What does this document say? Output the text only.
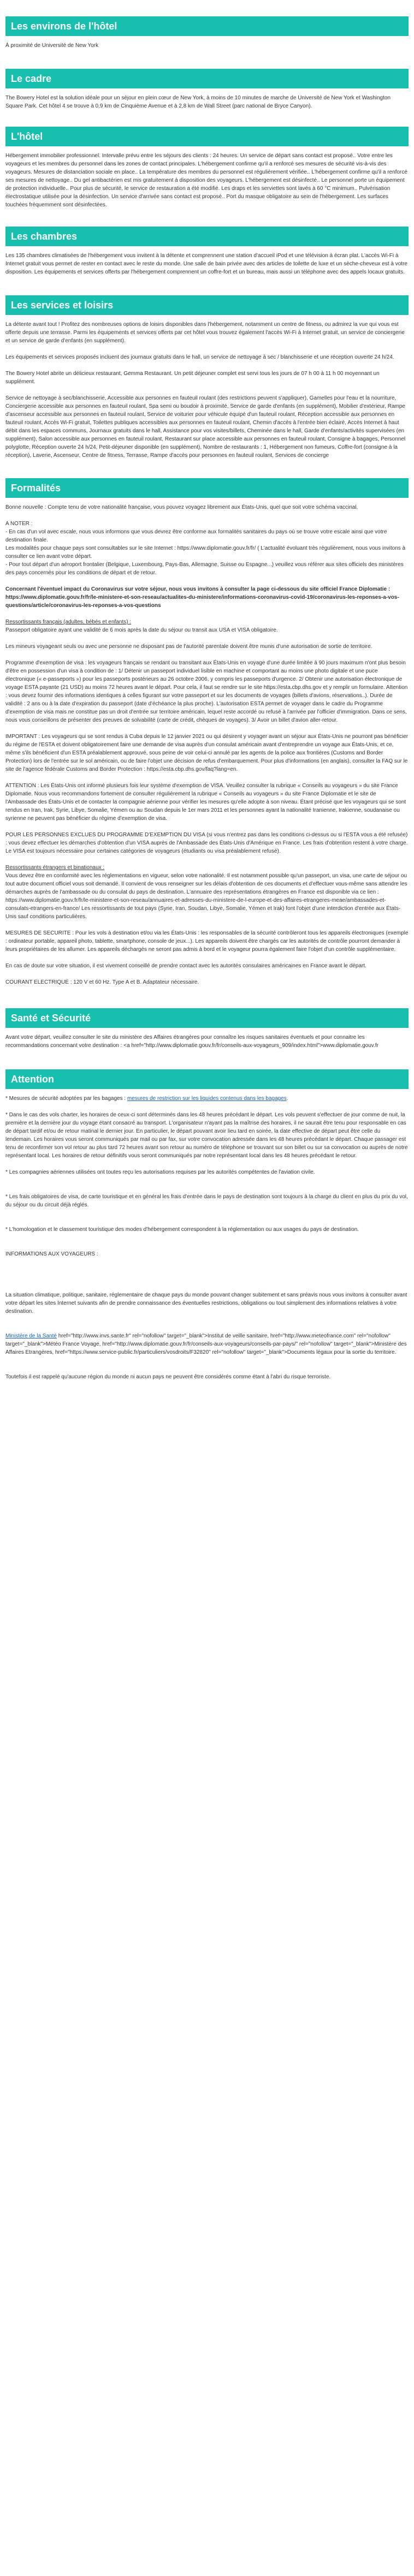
Les environs de l'hôtel

À proximité de Université de New York

Le cadre

The Bowery Hotel est la solution idéale pour un séjour en plein cœur de New York, à moins de 10 minutes de marche de Université de New York et Washington Square Park. Cet hôtel 4 se trouve à 0,9 km de Cinquième Avenue et à 2,8 km de Wall Street (parc national de Bryce Canyon).

L'hôtel

Hébergement immobilier professionnel. Intervalle prévu entre les séjours des clients : 24 heures. Un service de départ sans contact est proposé.. Votre entre les voyageurs et les membres du personnel dans les zones de contact principales. L'hébergement confirme qu'il a renforcé ses mesures de sécurité vis-à-vis des voyageurs. Mesures de distanciation sociale en place.. La température des membres du personnel est régulièrement vérifiée.. L'hébergement confirme qu'il a renforcé ses mesures de nettoyage.. Du gel antibactérien est mis gratuitement à disposition des voyageurs. L'hébergement est désinfecté.. Le personnel porte un équipement de protection individuelle.. Pour plus de sécurité, le service de restauration a été modifié. Les draps et les serviettes sont lavés à 60 °C minimum.. Pulvérisation électrostatique utilisée pour la désinfection. Un service d'arrivée sans contact est proposé.. Port du masque obligatoire au sein de l'hébergement. Les surfaces touchées fréquemment sont désinfectées.

Les chambres

Les 135 chambres climatisées de l'hébergement vous invitent à la détente et comprennent une station d'accueil iPod et une télévision à écran plat. L'accès Wi-Fi à Internet gratuit vous permet de rester en contact avec le reste du monde. Une salle de bain privée avec des articles de toilette de luxe et un sèche-cheveux est à votre disposition. Les équipements et services offerts par l'hébergement comprennent un coffre-fort et un bureau, mais aussi un téléphone avec des appels locaux gratuits.

Les services et loisirs

La détente avant tout ! Profitez des nombreuses options de loisirs disponibles dans l'hébergement, notamment un centre de fitness, ou admirez la vue qui vous est offerte depuis une terrasse. Parmi les équipements et services offerts par cet hôtel vous trouvez également l'accès Wi-Fi à Internet gratuit, un service de conciergerie et un service de garde d'enfants (en supplément).

Les équipements et services proposés incluent des journaux gratuits dans le hall, un service de nettoyage à sec / blanchisserie et une réception ouverte 24 h/24.

The Bowery Hotel abrite un délicieux restaurant, Gemma Restaurant. Un petit déjeuner complet est servi tous les jours de 07 h 00 à 11 h 00 moyennant un supplément.

Service de nettoyage à sec/blanchisserie, Accessible aux personnes en fauteuil roulant (des restrictions peuvent s'appliquer), Gamelles pour l'eau et la nourriture, Conciergerie accessible aux personnes en fauteuil roulant, Spa semi ou boudoir à proximité, Service de garde d'enfants (en supplément), Mobilier d'extérieur, Rampe d'ascenseur accessible aux personnes en fauteuil roulant, Service de voiturier pour véhicule équipé d'un fauteuil roulant, Réception accessible aux personnes en fauteuil roulant, Accès Wi-Fi gratuit, Toilettes publiques accessibles aux personnes en fauteuil roulant, Chemin d'accès à l'entrée bien éclairé, Accès Internet à haut débit dans les espaces communs, Journaux gratuits dans le hall, Assistance pour vos visites/billets, Cheminée dans le hall, Garde d'enfants/activités supervisées (en supplément), Salon accessible aux personnes en fauteuil roulant, Restaurant sur place accessible aux personnes en fauteuil roulant, Consigne à bagages, Personnel polyglotte, Réception ouverte 24 h/24, Petit-déjeuner disponible (en supplément), Nombre de restaurants : 1, Hébergement non fumeurs, Coffre-fort (consigne à la réception), Laverie, Ascenseur, Centre de fitness, Terrasse, Rampe d'accès pour personnes en fauteuil roulant, Services de concierge

Formalités

Bonne nouvelle : Compte tenu de votre nationalité française, vous pouvez voyagez librement aux États-Unis, quel que soit votre schéma vaccinal.

A NOTER :

- En cas d'un vol avec escale, nous vous informons que vous devrez être conforme aux formalités sanitaires du pays où se trouve votre escale ainsi que votre destination finale.

Les modalités pour chaque pays sont consultables sur le site Internet : https://www.diplomatie.gouv.fr/fr/ ( L'actualité évoluant très régulièrement, nous vous invitons à consulter ce lien avant votre départ.

- Pour tout départ d'un aéroport frontalier (Belgique, Luxembourg, Pays-Bas, Allemagne, Suisse ou Espagne...) veuillez vous référer aux sites officiels des ministères des pays concernés pour les conditions de départ et de retour.

Concernant l'éventuel impact du Coronavirus sur votre séjour, nous vous invitons à consulter la page ci-dessous du site officiel France Diplomatie : https://www.diplomatie.gouv.fr/fr/le-ministere-et-son-reseau/actualites-du-ministere/informations-coronavirus-covid-19/coronavirus-les-reponses-a-vos-questions/article/coronavirus-les-reponses-a-vos-questions

Ressortissants français (adultes, bébés et enfants) :

Passeport obligatoire ayant une validité de 6 mois après la date du séjour ou transit aux USA et VISA obligatoire.

Les mineurs voyageant seuls ou avec une personne ne disposant pas de l'autorité parentale doivent être munis d'une autorisation de sortie de territoire.

Programme d'exemption de visa : les voyageurs français se rendant ou transitant aux États-Unis en voyage d'une durée limitée à 90 jours maximum n'ont plus besoin d'être en possession d'un visa à condition de : 1/ Détenir un passeport individuel lisible en machine et comportant au moins une photo digitale et une puce électronique (« e-passeports ») pour les passeports postérieurs au 26 octobre 2006, y compris les passeports d'urgence. 2/ Obtenir une autorisation électronique de voyage ESTA payante (21 USD) au moins 72 heures avant le départ. Pour cela, il faut se rendre sur le site https://esta.cbp.dhs.gov et y remplir un formulaire. Attention : vous devez fournir des informations identiques à celles figurant sur votre passeport et sur les documents de voyages (billets d'avions, réservations..). Durée de validité : 2 ans ou à la date d'expiration du passeport (date d'échéance la plus proche). L'autorisation ESTA permet de voyager dans le cadre du Programme d'exemption de visa mais ne constitue pas un droit d'entrée sur territoire américain, lequel reste accordé ou refusé à l'arrivée par l'officier d'immigration. Dans ce sens, nous vous conseillons de présenter des preuves de solvabilité (carte de crédit, chèques de voyages). 3/ Avoir un billet d'avion aller-retour.

IMPORTANT : Les voyageurs qui se sont rendus à Cuba depuis le 12 janvier 2021 ou qui désirent y voyager avant un séjour aux États-Unis ne pourront pas bénéficier du régime de l'ESTA et doivent obligatoirement faire une demande de visa auprès d'un consulat américain avant d'entreprendre un voyage aux États-Unis, et ce, même s'ils bénéficient d'un ESTA préalablement approuvé, sous peine de voir celui-ci annulé par les agents de la police aux frontières (Customs and Border Protection) lors de l'entrée sur le sol américain, ou de faire l'objet une décision de refus d'embarquement. Pour plus d'informations (en anglais), consulter la FAQ sur le site de l'agence fédérale Customs and Border Protection : https://esta.cbp.dhs.gov/faq?lang=en.

ATTENTION : Les États-Unis ont informé plusieurs fois leur système d'exemption de VISA. Veuillez consulter la rubrique « Conseils au voyageurs » du site France Diplomatie. Nous vous recommandons fortement de consulter régulièrement la rubrique « Conseils au voyageurs » du site France Diplomatie et le site de l'Ambassade des États-Unis et de contacter la compagnie aérienne pour vérifier les mesures qu'elle adopte à son niveau. Étant précisé que les voyageurs qui se sont rendus en Iran, Irak, Syrie, Libye, Somalie, Yémen ou au Soudan depuis le 1er mars 2011 et les personnes ayant la nationalité Iranienne, Irakienne, soudanaise ou syrienne ne peuvent pas bénéficier du régime d'exemption de visa.

POUR LES PERSONNES EXCLUES DU PROGRAMME D'EXEMPTION DU VISA (si vous n'entrez pas dans les conditions ci-dessus ou si l'ESTA vous a été refusée) : vous devez effectuer les démarches d'obtention d'un VISA auprès de l'Ambassade des États-Unis d'Amérique en France. Les frais d'obtention restent à votre charge. Le VISA est toujours nécessaire pour certaines catégories de voyageurs (étudiants ou visa préalablement refusé).

Ressortissants étrangers et binationaux :

Vous devez être en conformité avec les réglementations en vigueur, selon votre nationalité. Il est notamment possible qu'un passeport, un visa, une carte de séjour ou tout autre document officiel vous soit demandé. Il convient de vous renseigner sur les délais d'obtention de ces documents et d'effectuer vous-même sans attendre les démarches auprès de l'ambassade ou du consulat du pays de destination. L'annuaire des représentations étrangères en France est disponible via ce lien : https://www.diplomatie.gouv.fr/fr/le-ministere-et-son-reseau/annuaires-et-adresses-du-ministere-de-l-europe-et-des-affaires-etrangeres-meae/ambassades-et-consulats-etrangers-en-france/ Les ressortissants de tout pays (Syrie, Iran, Soudan, Libye, Somalie, Yémen et Irak) font l'objet d'une interdiction d'entrée aux États-Unis sauf conditions particulières.

MESURES DE SECURITE : Pour les vols à destination et/ou via les États-Unis : les responsables de la sécurité contrôleront tous les appareils électroniques (exemple : ordinateur portable, appareil photo, tablette, smartphone, console de jeux...). Les appareils doivent être chargés car les autorités de contrôle pourront demander à leurs propriétaires de les allumer. Les appareils déchargés ne seront pas admis à bord et le voyageur pourra également faire l'objet d'un contrôle supplémentaire.

En cas de doute sur votre situation, il est vivement conseillé de prendre contact avec les autorités consulaires américaines en France avant le départ.

COURANT ELECTRIQUE : 120 V et 60 Hz. Type A et B. Adaptateur nécessaire.

Santé et Sécurité

Avant votre départ, veuillez consulter le site du ministère des Affaires étrangères pour connaître les risques sanitaires éventuels et pour connaitre les recommandations concernant votre destination : <a href="http://www.diplomatie.gouv.fr/fr/conseils-aux-voyageurs_909/index.html">www.diplomatie.gouv.fr

Attention

* Mesures de sécurité adoptées par les bagages : mesures de restriction sur les liquides contenus dans les bagages.

* Dans le cas des vols charter, les horaires de ceux-ci sont déterminés dans les 48 heures précédant le départ. Les vols peuvent s'effectuer de jour comme de nuit, la première et la dernière jour du voyage étant consacré au transport. L'organisateur n'ayant pas la maîtrise des horaires, il ne saurait être tenu pour responsable en cas de départ tardif et/ou de retour matinal le dernier jour. En particulier, le départ pouvant avoir lieu tard en soirée, la date effective de départ peut être celle du lendemain. Les horaires vous seront communiqués par mail ou par fax, sur votre convocation adressée dans les 48 heures précédant le départ. Chaque passager est tenu de reconfirmer son vol retour au plus tard 72 heures avant son retour au numéro de téléphone se trouvant sur son billet ou sur sa convocation ou auprès de notre représentant local. Les horaires de retour définitifs vous seront communiqués par notre représentant local dans les 48 heures précédant le retour.

* Les compagnies aériennes utilisées ont toutes reçu les autorisations requises par les autorités compétentes de l'aviation civile.

* Les frais obligatoires de visa, de carte touristique et en général les frais d'entrée dans le pays de destination sont toujours à la charge du client en plus du prix du vol, du séjour ou du circuit déjà réglés.

* L'homologation et le classement touristique des modes d'hébergement correspondent à la réglementation ou aux usages du pays de destination.

INFORMATIONS AUX VOYAGEURS :

La situation climatique, politique, sanitaire, réglementaire de chaque pays du monde pouvant changer subitement et sans préavis nous vous invitons à consulter avant votre départ les sites Internet suivants afin de prendre connaissance des éventuelles restrictions, obligations ou tout simplement des informations relatives à votre destination.

Ministère de la Santé href="http://www.invs.sante.fr" rel="nofollow" target="_blank">Institut de veille sanitaire, href="http://www.meteofrance.com" rel="nofollow" target="_blank">Météo France Voyage, href="http://www.diplomatie.gouv.fr/fr/conseils-aux-voyageurs/conseils-par-pays/" rel="nofollow" target="_blank">Ministère des Affaires Etrangères, href="https://www.service-public.fr/particuliers/vosdroits/F32820" rel="nofollow" target="_blank">Documents légaux pour la sortie du territoire.

Toutefois il est rappelé qu'aucune région du monde ni aucun pays ne peuvent être considérés comme étant à l'abri du risque terroriste.
